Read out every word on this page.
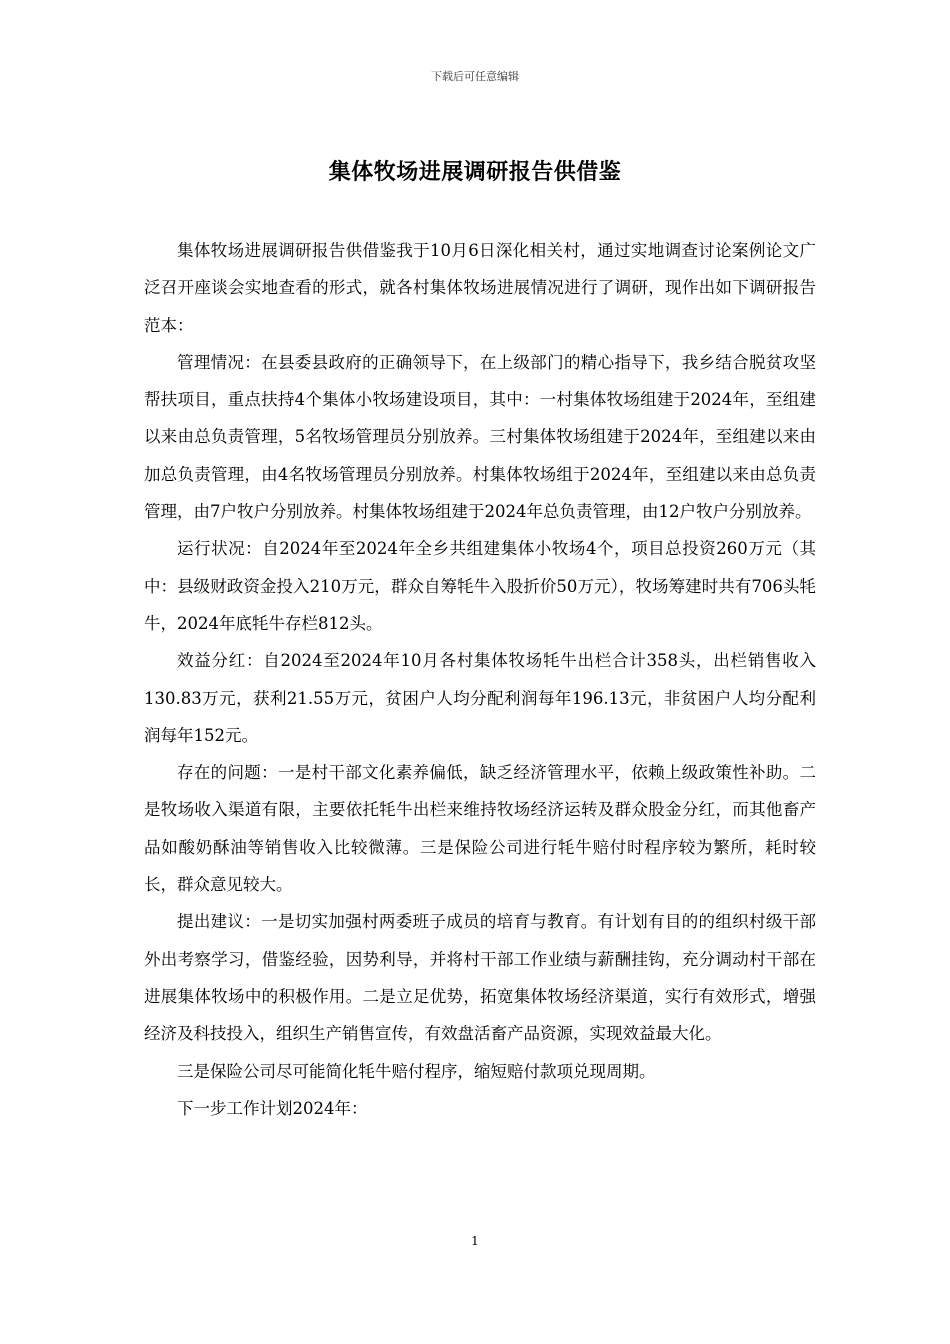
下载后可任意编辑
集体牧场进展调研报告供借鉴

集体牧场进展调研报告供借鉴我于10月6日深化相关村，通过实地调查讨论案例论文广泛召开座谈会实地查看的形式，就各村集体牧场进展情况进行了调研，现作出如下调研报告范本：

管理情况：在县委县政府的正确领导下，在上级部门的精心指导下，我乡结合脱贫攻坚帮扶项目，重点扶持4个集体小牧场建设项目，其中：一村集体牧场组建于2024年，至组建以来由总负责管理，5名牧场管理员分别放养。三村集体牧场组建于2024年，至组建以来由加总负责管理，由4名牧场管理员分别放养。村集体牧场组于2024年，至组建以来由总负责管理，由7户牧户分别放养。村集体牧场组建于2024年总负责管理，由12户牧户分别放养。

运行状况：自2024年至2024年全乡共组建集体小牧场4个，项目总投资260万元（其中：县级财政资金投入210万元，群众自筹牦牛入股折价50万元），牧场筹建时共有706头牦牛，2024年底牦牛存栏812头。

效益分红：自2024至2024年10月各村集体牧场牦牛出栏合计358头，出栏销售收入130.83万元，获利21.55万元，贫困户人均分配利润每年196.13元，非贫困户人均分配利润每年152元。

存在的问题：一是村干部文化素养偏低，缺乏经济管理水平，依赖上级政策性补助。二是牧场收入渠道有限，主要依托牦牛出栏来维持牧场经济运转及群众股金分红，而其他畜产品如酸奶酥油等销售收入比较微薄。三是保险公司进行牦牛赔付时程序较为繁所，耗时较长，群众意见较大。

提出建议：一是切实加强村两委班子成员的培育与教育。有计划有目的的组织村级干部外出考察学习，借鉴经验，因势利导，并将村干部工作业绩与薪酬挂钩，充分调动村干部在进展集体牧场中的积极作用。二是立足优势，拓宽集体牧场经济渠道，实行有效形式，增强经济及科技投入，组织生产销售宣传，有效盘活畜产品资源，实现效益最大化。

三是保险公司尽可能简化牦牛赔付程序，缩短赔付款项兑现周期。

下一步工作计划2024年：

1
